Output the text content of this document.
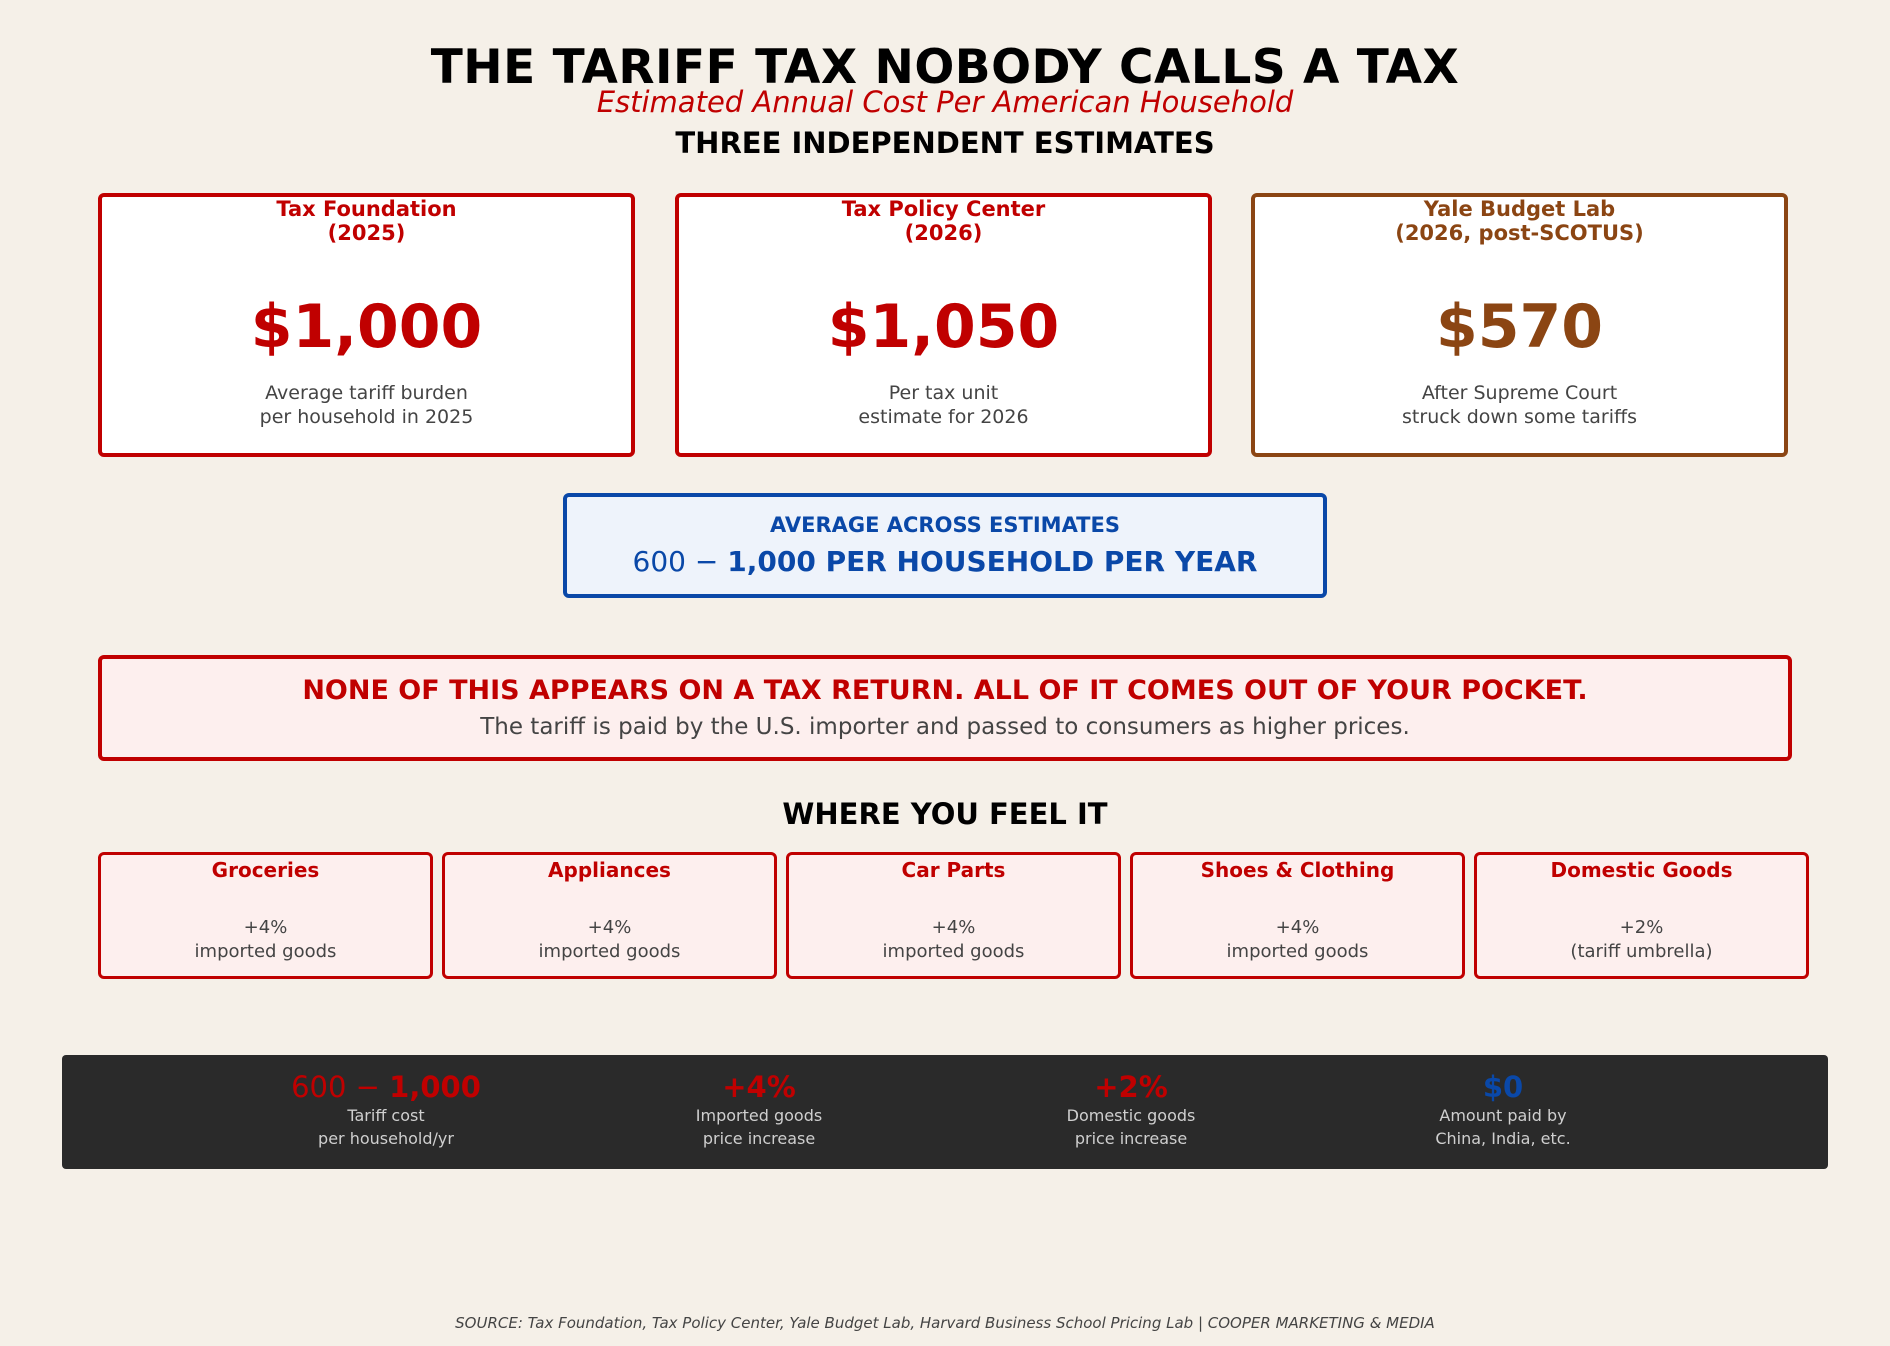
THE TARIFF TAX NOBODY CALLS A TAX
Estimated Annual Cost Per American Household
THREE INDEPENDENT ESTIMATES
Tax Foundation
(2025)
$1,000
Average tariff burden
per household in 2025
Tax Policy Center
(2026)
$1,050
Per tax unit
estimate for 2026
Yale Budget Lab
(2026, post-SCOTUS)
$570
After Supreme Court
struck down some tariffs
AVERAGE ACROSS ESTIMATES
600 − 1,000 PER HOUSEHOLD PER YEAR
NONE OF THIS APPEARS ON A TAX RETURN. ALL OF IT COMES OUT OF YOUR POCKET.
The tariff is paid by the U.S. importer and passed to consumers as higher prices.
WHERE YOU FEEL IT
Groceries
+4%
imported goods
Appliances
+4%
imported goods
Car Parts
+4%
imported goods
Shoes & Clothing
+4%
imported goods
Domestic Goods
+2%
(tariff umbrella)
600 − 1,000
Tariff cost
per household/yr
+4%
Imported goods
price increase
+2%
Domestic goods
price increase
$0
Amount paid by
China, India, etc.
SOURCE: Tax Foundation, Tax Policy Center, Yale Budget Lab, Harvard Business School Pricing Lab | COOPER MARKETING & MEDIA
